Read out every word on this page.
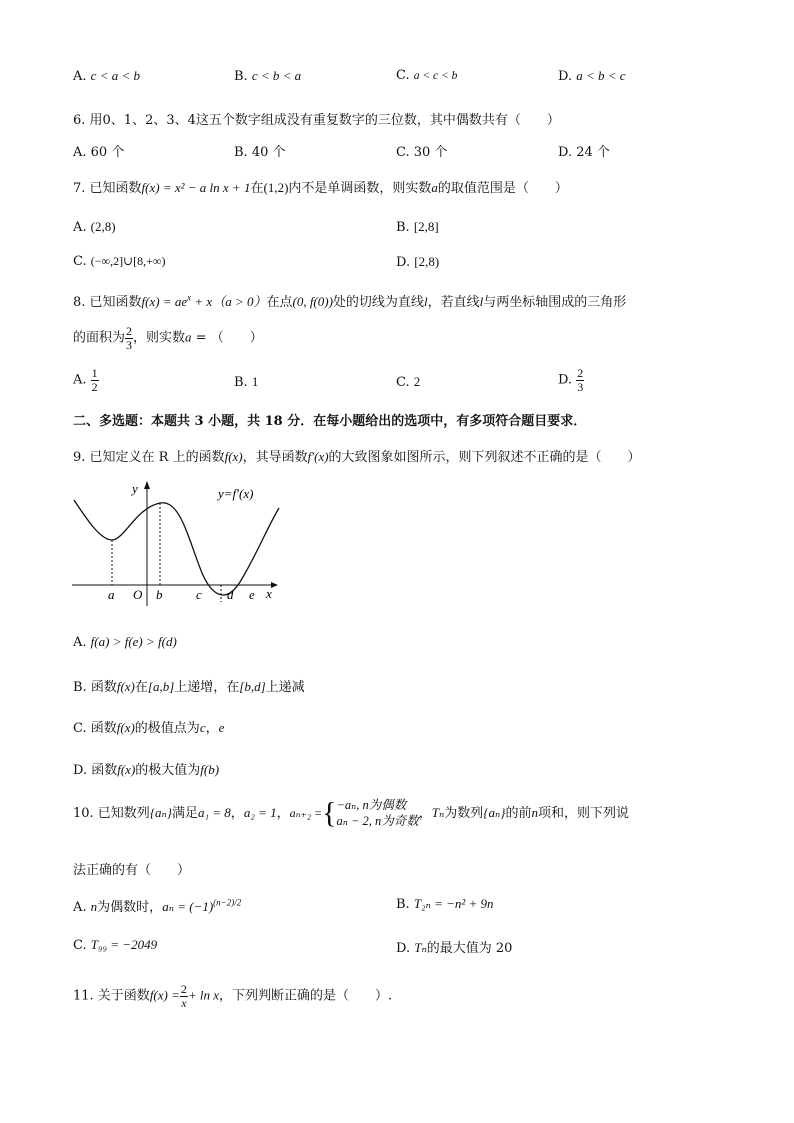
A. c < a < b	B. c < b < a	C. a < c < b	D. a < b < c
6. 用0、1、2、3、4这五个数字组成没有重复数字的三位数，其中偶数共有（　　）
A. 60 个	B. 40 个	C. 30 个	D. 24 个
7. 已知函数f(x) = x² − a ln x + 1在(1,2)内不是单调函数，则实数a的取值范围是（　　）
A. (2,8)	B. [2,8]
C. (−∞,2]∪[8,+∞)	D. [2,8)
8. 已知函数$f(x) = ae^x + x(a > 0)$在点(0, f(0))处的切线为直线l，若直线l与两坐标轴围成的三角形
的面积为 $\frac{2}{3}$ ，则实数a = （　　）
A. $\frac{1}{2}$	B. 1	C. 2	D. $\frac{2}{3}$
二、多选题：本题共 3 小题，共 18 分．在每小题给出的选项中，有多项符合题目要求．
9. 已知定义在 R 上的函数f(x)，其导函数f′(x)的大致图象如图所示，则下列叙述不正确的是（　　）
y	y=f′(x)
x
O
a	b	c d e
A. f(a) > f(e) > f(d)
B. 函数f(x)在[a,b]上递增，在[b,d]上递减
C. 函数f(x)的极值点为c，e
D. 函数f(x)的极大值为f(b)
10. 已知数列{aₙ}满足a₁ = 8，a₂ = 1，aₙ₊₂ ={ −aₙ, n为偶数
aₙ − 2, n为奇数
，Tₙ为数列{aₙ}的前n项和，则下列说
法正确的有（　　）
A. n为偶数时，$a_n = (-1)^{(n-2)/2}$	B. T₂ₙ = −n² + 9n
C. T₉₉ = −2049	D. Tₙ的最大值为 20
11. 关于函数$f(x) = \frac{2}{x} + \ln x$，下列判断正确的是（　　）.
